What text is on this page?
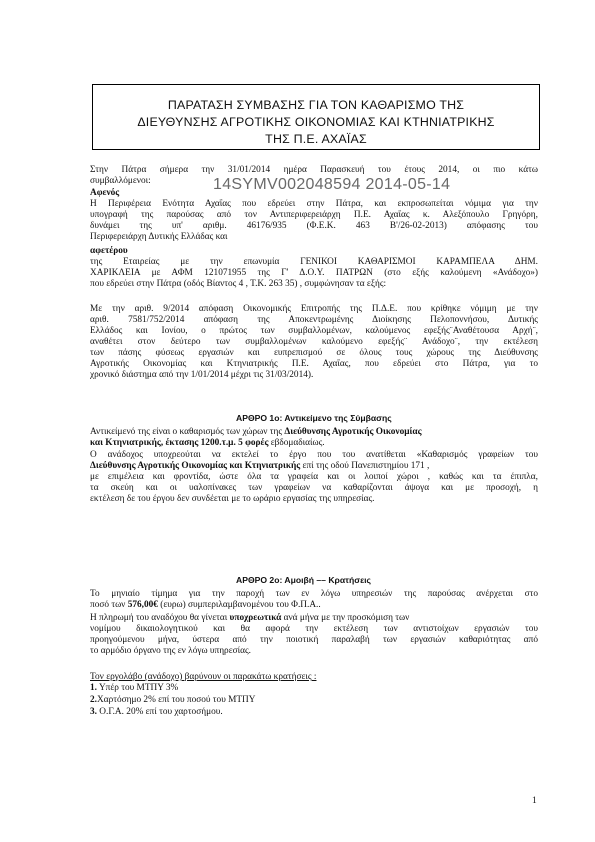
ΠΑΡΑΤΑΣΗ ΣΥΜΒΑΣΗΣ ΓΙΑ ΤΟΝ ΚΑΘΑΡΙΣΜΟ ΤΗΣ
ΔΙΕΥΘΥΝΣΗΣ ΑΓΡΟΤΙΚΗΣ ΟΙΚΟΝΟΜΙΑΣ ΚΑΙ ΚΤΗΝΙΑΤΡΙΚΗΣ
ΤΗΣ Π.Ε. ΑΧΑΪΑΣ
Στην Πάτρα σήμερα την 31/01/2014 ημέρα Παρασκευή του έτους 2014, οι πιο κάτω
συμβαλλόμενοι:	14SYMV002048594 2014-05-14
Αφενός
Η Περιφέρεια Ενότητα Αχαΐας που εδρεύει στην Πάτρα, και εκπροσωπείται νόμιμα για την
υπογραφή της παρούσας από τον Αντιπεριφερειάρχη Π.Ε. Αχαΐας κ. Αλεξόπουλο Γρηγόρη,
δυνάμει της υπ' αριθμ. 46176/935 (Φ.Ε.Κ. 463 Β'/26-02-2013) απόφασης του
Περιφερειάρχη Δυτικής Ελλάδας και
αφετέρου
της Εταιρείας με την επωνυμία ΓΕΝΙΚΟΙ ΚΑΘΑΡΙΣΜΟΙ ΚΑΡΑΜΠΕΛΑ ΔΗΜ.
ΧΑΡΙΚΛΕΙΑ με ΑΦΜ 121071955 της Γ' Δ.Ο.Υ. ΠΑΤΡΩΝ (στο εξής καλούμενη «Ανάδοχο»)
που εδρεύει στην Πάτρα (οδός Βίαντος 4 , Τ.Κ. 263 35) , συμφώνησαν τα εξής:
Με την αριθ. 9/2014 απόφαση Οικονομικής Επιτροπής της Π.Δ.Ε. που κρίθηκε νόμιμη με την
αριθ. 7581/752/2014 απόφαση της Αποκεντρωμένης Διοίκησης Πελοποννήσου, Δυτικής
Ελλάδος και Ιονίου, ο πρώτος των συμβαλλομένων, καλούμενος εφεξής¨Αναθέτουσα Αρχή¨,
αναθέτει στον δεύτερο των συμβαλλομένων καλούμενο εφεξής¨ Ανάδοχο¨, την εκτέλεση
των πάσης φύσεως εργασιών και ευπρεπισμού σε όλους τους χώρους της Διεύθυνσης
Αγροτικής Οικονομίας και Κτηνιατρικής Π.Ε. Αχαΐας, που εδρεύει στο Πάτρα, για το
χρονικό διάστημα από την 1/01/2014 μέχρι τις 31/03/2014).
ΑΡΘΡΟ 1ο: Αντικείμενο της Σύμβασης
Αντικείμενό της είναι ο καθαρισμός των χώρων της Διεύθυνσης Αγροτικής Οικονομίας
και Κτηνιατρικής, έκτασης 1200.τ.μ. 5 φορές εβδομαδιαίως.
Ο ανάδοχος υποχρεούται να εκτελεί το έργο που του ανατίθεται «Καθαρισμός γραφείων του
Διεύθυνσης Αγροτικής Οικονομίας και Κτηνιατρικής επί της οδού Πανεπιστημίου 171 ,
με επιμέλεια και φροντίδα, ώστε όλα τα γραφεία και οι λοιποί χώροι , καθώς και τα έπιπλα,
τα σκεύη και οι υαλοπίνακες των γραφείων να καθαρίζονται άψογα και με προσοχή, η
εκτέλεση δε του έργου δεν συνδέεται με το ωράριο εργασίας της υπηρεσίας.
ΑΡΘΡΟ 2ο: Αμοιβή –– Κρατήσεις
Το μηνιαίο τίμημα για την παροχή των εν λόγω υπηρεσιών της παρούσας ανέρχεται στο
ποσό των 576,00€ (ευρω) συμπεριλαμβανομένου του Φ.Π.Α..
Η πληρωμή του αναδόχου θα γίνεται υποχρεωτικά ανά μήνα με την προσκόμιση των
νομίμου δικαιολογητικού και θα αφορά την εκτέλεση των αντιστοίχων εργασιών του
προηγούμενου μήνα, ύστερα από την ποιοτική παραλαβή των εργασιών καθαριότητας από
το αρμόδιο όργανο της εν λόγω υπηρεσίας.
Τον εργολάβο (ανάδοχο) βαρύνουν οι παρακάτω κρατήσεις :
1. Υπέρ του ΜΤΠΥ 3%
2.Χαρτόσημο 2% επί του ποσού του ΜΤΠΥ
3. Ο.Γ.Α. 20% επί του χαρτοσήμου.
1
